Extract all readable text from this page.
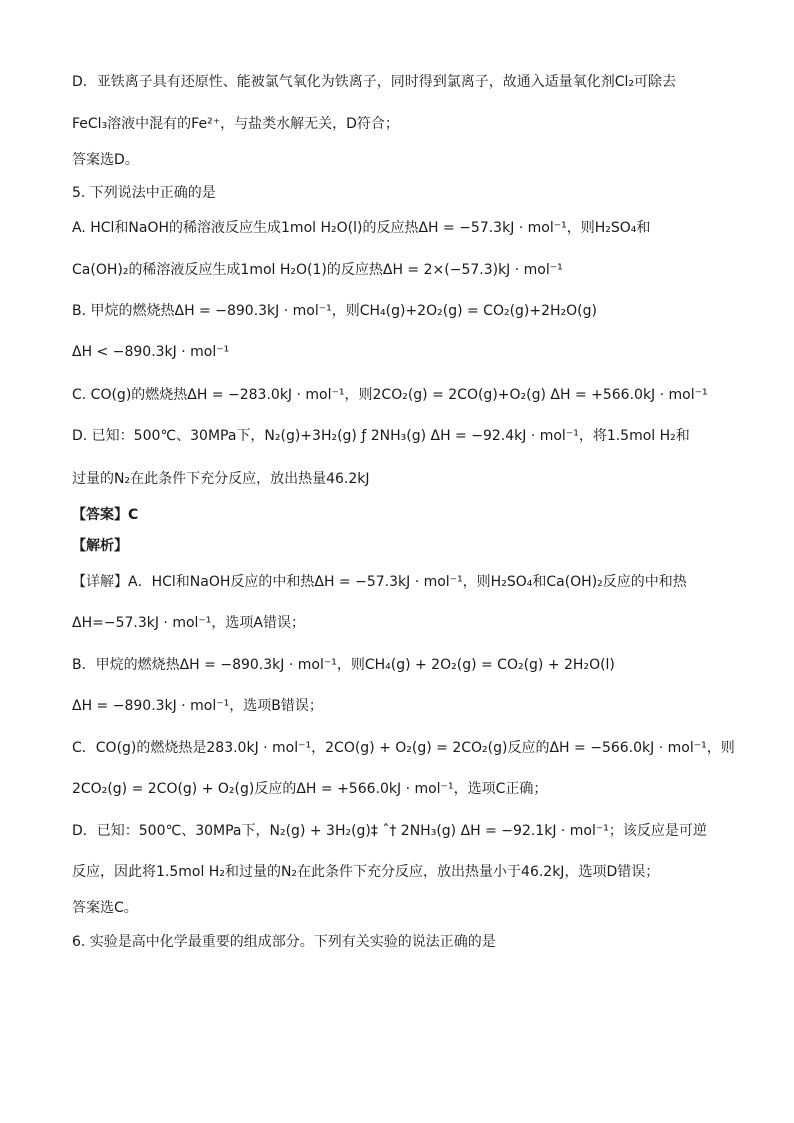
D．亚铁离子具有还原性、能被氯气氧化为铁离子，同时得到氯离子，故通入适量氧化剂Cl₂可除去
FeCl₃溶液中混有的Fe²⁺，与盐类水解无关，D符合；
答案选D。
5. 下列说法中正确的是
A. HCl和NaOH的稀溶液反应生成1mol H₂O(l)的反应热ΔH = −57.3kJ · mol⁻¹，则H₂SO₄和
Ca(OH)₂的稀溶液反应生成1mol H₂O(1)的反应热ΔH = 2×(−57.3)kJ · mol⁻¹
B. 甲烷的燃烧热ΔH = −890.3kJ · mol⁻¹，则CH₄(g)+2O₂(g) = CO₂(g)+2H₂O(g)
ΔH < −890.3kJ · mol⁻¹
C. CO(g)的燃烧热ΔH = −283.0kJ · mol⁻¹，则2CO₂(g) = 2CO(g)+O₂(g) ΔH = +566.0kJ · mol⁻¹
D. 已知：500℃、30MPa下，N₂(g)+3H₂(g) ƒ 2NH₃(g) ΔH = −92.4kJ · mol⁻¹，将1.5mol H₂和
过量的N₂在此条件下充分反应，放出热量46.2kJ
【答案】C
【解析】
【详解】A．HCl和NaOH反应的中和热ΔH = −57.3kJ · mol⁻¹，则H₂SO₄和Ca(OH)₂反应的中和热
ΔH=−57.3kJ · mol⁻¹，选项A错误；
B．甲烷的燃烧热ΔH = −890.3kJ · mol⁻¹，则CH₄(g) + 2O₂(g) = CO₂(g) + 2H₂O(l)
ΔH = −890.3kJ · mol⁻¹，选项B错误；
C．CO(g)的燃烧热是283.0kJ · mol⁻¹，2CO(g) + O₂(g) = 2CO₂(g)反应的ΔH = −566.0kJ · mol⁻¹，则
2CO₂(g) = 2CO(g) + O₂(g)反应的ΔH = +566.0kJ · mol⁻¹，选项C正确；
D．已知：500℃、30MPa下，N₂(g) + 3H₂(g)‡ ˆ† 2NH₃(g) ΔH = −92.1kJ · mol⁻¹；该反应是可逆
反应，因此将1.5mol H₂和过量的N₂在此条件下充分反应，放出热量小于46.2kJ，选项D错误；
答案选C。
6. 实验是高中化学最重要的组成部分。下列有关实验的说法正确的是
